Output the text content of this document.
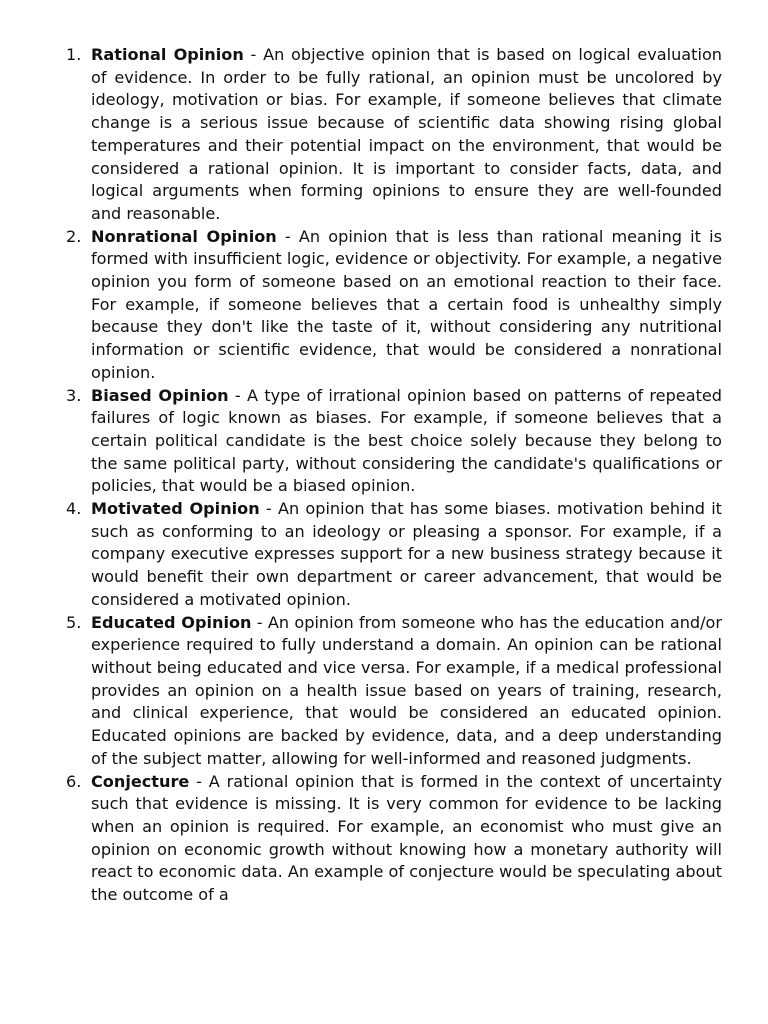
1. Rational Opinion - An objective opinion that is based on logical evaluation of evidence. In order to be fully rational, an opinion must be uncolored by ideology, motivation or bias. For example, if someone believes that climate change is a serious issue because of scientific data showing rising global temperatures and their potential impact on the environment, that would be considered a rational opinion. It is important to consider facts, data, and logical arguments when forming opinions to ensure they are well-founded and reasonable.
2. Nonrational Opinion - An opinion that is less than rational meaning it is formed with insufficient logic, evidence or objectivity. For example, a negative opinion you form of someone based on an emotional reaction to their face. For example, if someone believes that a certain food is unhealthy simply because they don't like the taste of it, without considering any nutritional information or scientific evidence, that would be considered a nonrational opinion.
3. Biased Opinion - A type of irrational opinion based on patterns of repeated failures of logic known as biases. For example, if someone believes that a certain political candidate is the best choice solely because they belong to the same political party, without considering the candidate's qualifications or policies, that would be a biased opinion.
4. Motivated Opinion - An opinion that has some biases. motivation behind it such as conforming to an ideology or pleasing a sponsor. For example, if a company executive expresses support for a new business strategy because it would benefit their own department or career advancement, that would be considered a motivated opinion.
5. Educated Opinion - An opinion from someone who has the education and/or experience required to fully understand a domain. An opinion can be rational without being educated and vice versa. For example, if a medical professional provides an opinion on a health issue based on years of training, research, and clinical experience, that would be considered an educated opinion. Educated opinions are backed by evidence, data, and a deep understanding of the subject matter, allowing for well-informed and reasoned judgments.
6. Conjecture - A rational opinion that is formed in the context of uncertainty such that evidence is missing. It is very common for evidence to be lacking when an opinion is required. For example, an economist who must give an opinion on economic growth without knowing how a monetary authority will react to economic data. An example of conjecture would be speculating about the outcome of a
